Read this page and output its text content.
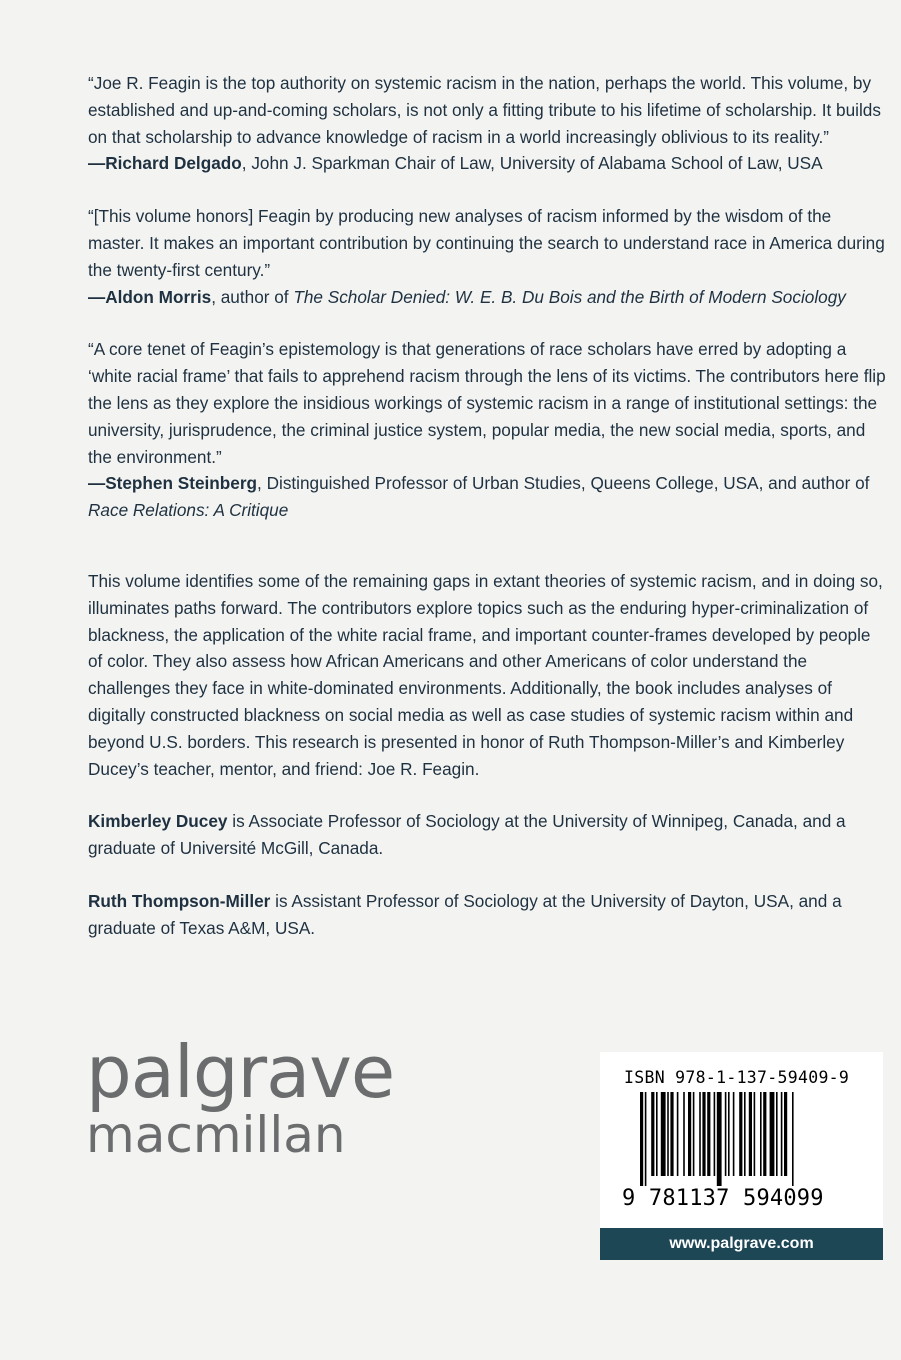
“Joe R. Feagin is the top authority on systemic racism in the nation, perhaps the world. This volume, by established and up-and-coming scholars, is not only a fitting tribute to his lifetime of scholarship. It builds on that scholarship to advance knowledge of racism in a world increasingly oblivious to its reality.”

—Richard Delgado, John J. Sparkman Chair of Law, University of Alabama School of Law, USA

“[This volume honors] Feagin by producing new analyses of racism informed by the wisdom of the master. It makes an important contribution by continuing the search to understand race in America during the twenty-first century.”

—Aldon Morris, author of The Scholar Denied: W. E. B. Du Bois and the Birth of Modern Sociology

“A core tenet of Feagin’s epistemology is that generations of race scholars have erred by adopting a ‘white racial frame’ that fails to apprehend racism through the lens of its victims. The contributors here flip the lens as they explore the insidious workings of systemic racism in a range of institutional settings: the university, jurisprudence, the criminal justice system, popular media, the new social media, sports, and the environment.”

—Stephen Steinberg, Distinguished Professor of Urban Studies, Queens College, USA, and author of Race Relations: A Critique

This volume identifies some of the remaining gaps in extant theories of systemic racism, and in doing so, illuminates paths forward. The contributors explore topics such as the enduring hyper-criminalization of blackness, the application of the white racial frame, and important counter-frames developed by people of color. They also assess how African Americans and other Americans of color understand the challenges they face in white-dominated environments. Additionally, the book includes analyses of digitally constructed blackness on social media as well as case studies of systemic racism within and beyond U.S. borders. This research is presented in honor of Ruth Thompson-Miller’s and Kimberley Ducey’s teacher, mentor, and friend: Joe R. Feagin.

Kimberley Ducey is Associate Professor of Sociology at the University of Winnipeg, Canada, and a graduate of Université McGill, Canada.

Ruth Thompson-Miller is Assistant Professor of Sociology at the University of Dayton, USA, and a graduate of Texas A&M, USA.

palgrave
macmillan
ISBN 978-1-137-59409-9
9 781137 594099
www.palgrave.com
